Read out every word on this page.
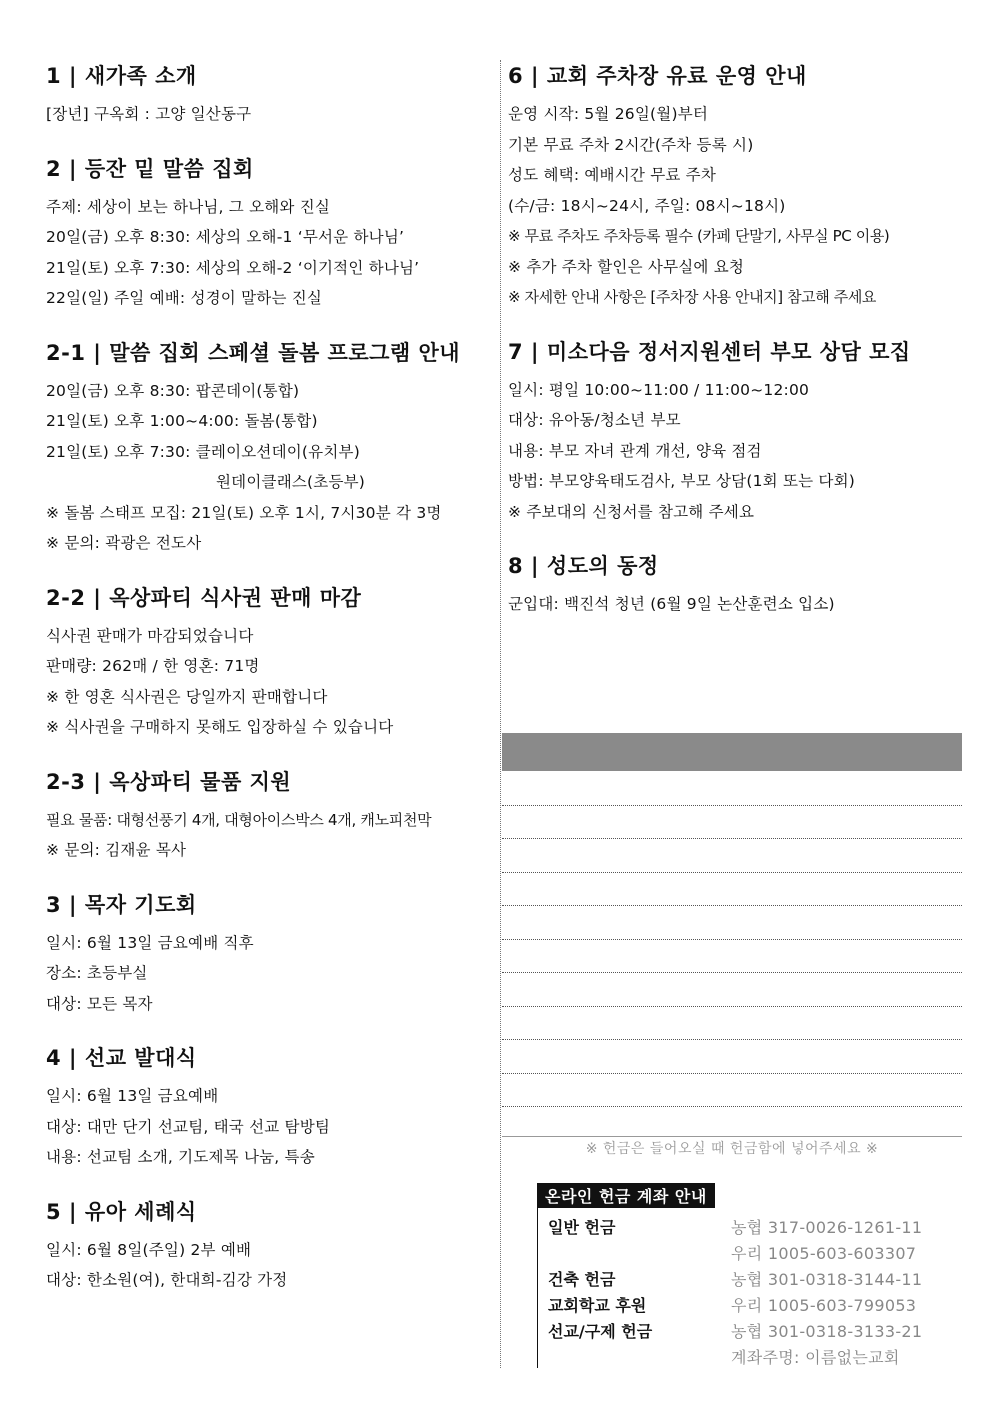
1 | 새가족 소개
[장년] 구옥회 : 고양 일산동구
2 | 등잔 밑 말씀 집회
주제: 세상이 보는 하나님, 그 오해와 진실
20일(금) 오후 8:30: 세상의 오해-1 ‘무서운 하나님’
21일(토) 오후 7:30: 세상의 오해-2 ‘이기적인 하나님’
22일(일) 주일 예배: 성경이 말하는 진실
2-1 | 말씀 집회 스페셜 돌봄 프로그램 안내
20일(금) 오후 8:30: 팝콘데이(통합)
21일(토) 오후 1:00~4:00: 돌봄(통합)
21일(토) 오후 7:30: 클레이오션데이(유치부)
원데이클래스(초등부)
※ 돌봄 스태프 모집: 21일(토) 오후 1시, 7시30분 각 3명
※ 문의: 곽광은 전도사
2-2 | 옥상파티 식사권 판매 마감
식사권 판매가 마감되었습니다
판매량: 262매 / 한 영혼: 71명
※ 한 영혼 식사권은 당일까지 판매합니다
※ 식사권을 구매하지 못해도 입장하실 수 있습니다
2-3 | 옥상파티 물품 지원
필요 물품: 대형선풍기 4개, 대형아이스박스 4개, 캐노피천막
※ 문의: 김재윤 목사
3 | 목자 기도회
일시: 6월 13일 금요예배 직후
장소: 초등부실
대상: 모든 목자
4 | 선교 발대식
일시: 6월 13일 금요예배
대상: 대만 단기 선교팀, 태국 선교 탐방팀
내용: 선교팀 소개, 기도제목 나눔, 특송
5 | 유아 세례식
일시: 6월 8일(주일) 2부 예배
대상: 한소원(여), 한대희-김강 가정
6 | 교회 주차장 유료 운영 안내
운영 시작: 5월 26일(월)부터
기본 무료 주차 2시간(주차 등록 시)
성도 혜택: 예배시간 무료 주차
(수/금: 18시~24시, 주일: 08시~18시)
※ 무료 주차도 주차등록 필수 (카페 단말기, 사무실 PC 이용)
※ 추가 주차 할인은 사무실에 요청
※ 자세한 안내 사항은 [주차장 사용 안내지] 참고해 주세요
7 | 미소다음 정서지원센터 부모 상담 모집
일시: 평일 10:00~11:00 / 11:00~12:00
대상: 유아동/청소년 부모
내용: 부모 자녀 관계 개선, 양육 점검
방법: 부모양육태도검사, 부모 상담(1회 또는 다회)
※ 주보대의 신청서를 참고해 주세요
8 | 성도의 동정
군입대: 백진석 청년 (6월 9일 논산훈련소 입소)
※ 헌금은 들어오실 때 헌금함에 넣어주세요 ※
온라인 헌금 계좌 안내
일반 헌금	농협 317-0026-1261-11
우리 1005-603-603307
건축 헌금	농협 301-0318-3144-11
교회학교 후원	우리 1005-603-799053
선교/구제 헌금	농협 301-0318-3133-21
계좌주명: 이름없는교회
